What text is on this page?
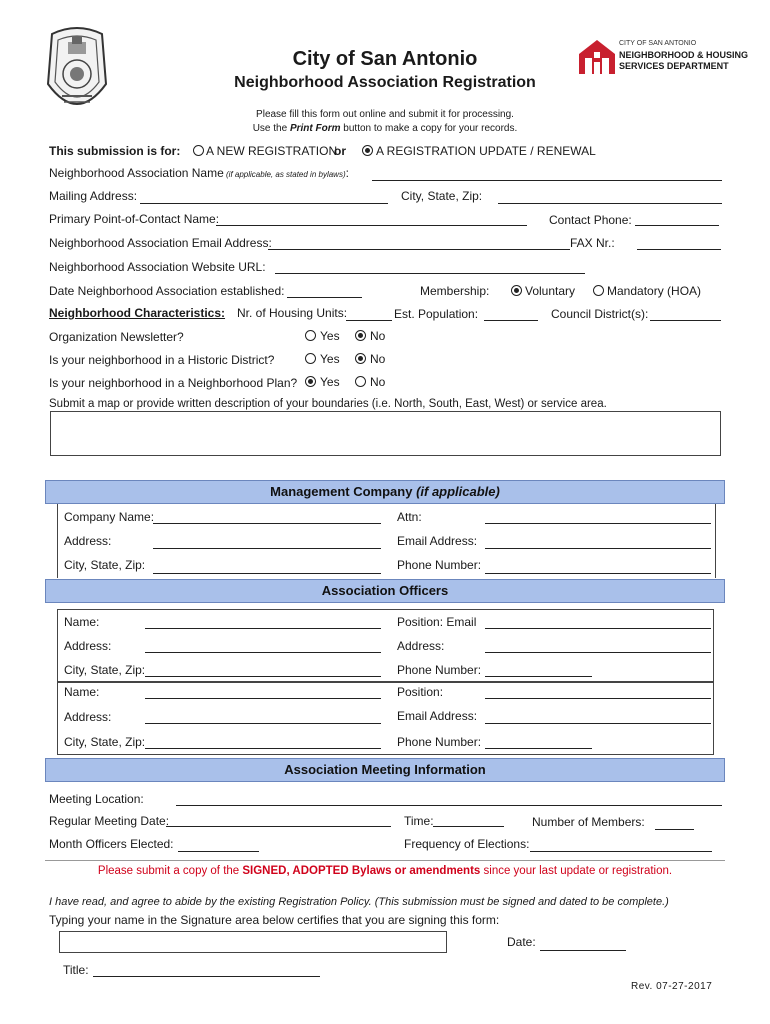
City of San Antonio
Neighborhood Association Registration
Please fill this form out online and submit it for processing.
Use the Print Form button to make a copy for your records.
CITY OF SAN ANTONIO
NEIGHBORHOOD & HOUSING
SERVICES DEPARTMENT
This submission is for: A NEW REGISTRATION
or	A REGISTRATION UPDATE / RENEWAL
Neighborhood Association Name (if applicable, as stated in bylaws):
Mailing Address:	City, State, Zip:
Primary Point-of-Contact Name:	Contact Phone:
Neighborhood Association Email Address:	FAX Nr.:
Neighborhood Association Website URL:
Date Neighborhood Association established:	Membership:	Voluntary	Mandatory (HOA)
Neighborhood Characteristics: Nr. of Housing Units:	Est. Population:	Council District(s):
Organization Newsletter?	Yes	No
Is your neighborhood in a Historic District?	Yes	No
Is your neighborhood in a Neighborhood Plan? Yes	No
Submit a map or provide written description of your boundaries (i.e. North, South, East, West) or service area.
Management Company (if applicable)
Company Name:	Attn:
Address:	Email Address:
City, State, Zip:	Phone Number:
Association Officers
Name:	Position: Email
Address:	Address:
City, State, Zip:	Phone Number:
Name:	Position:
Address:	Email Address:
City, State, Zip:	Phone Number:
Association Meeting Information
Meeting Location:
Regular Meeting Date:	Time:	Number of Members:
Month Officers Elected:	Frequency of Elections:
Please submit a copy of the SIGNED, ADOPTED Bylaws or amendments since your last update or registration.
I have read, and agree to abide by the existing Registration Policy. (This submission must be signed and dated to be complete.)
Typing your name in the Signature area below certifies that you are signing this form:
Date:
Title:
Rev. 07-27-2017
